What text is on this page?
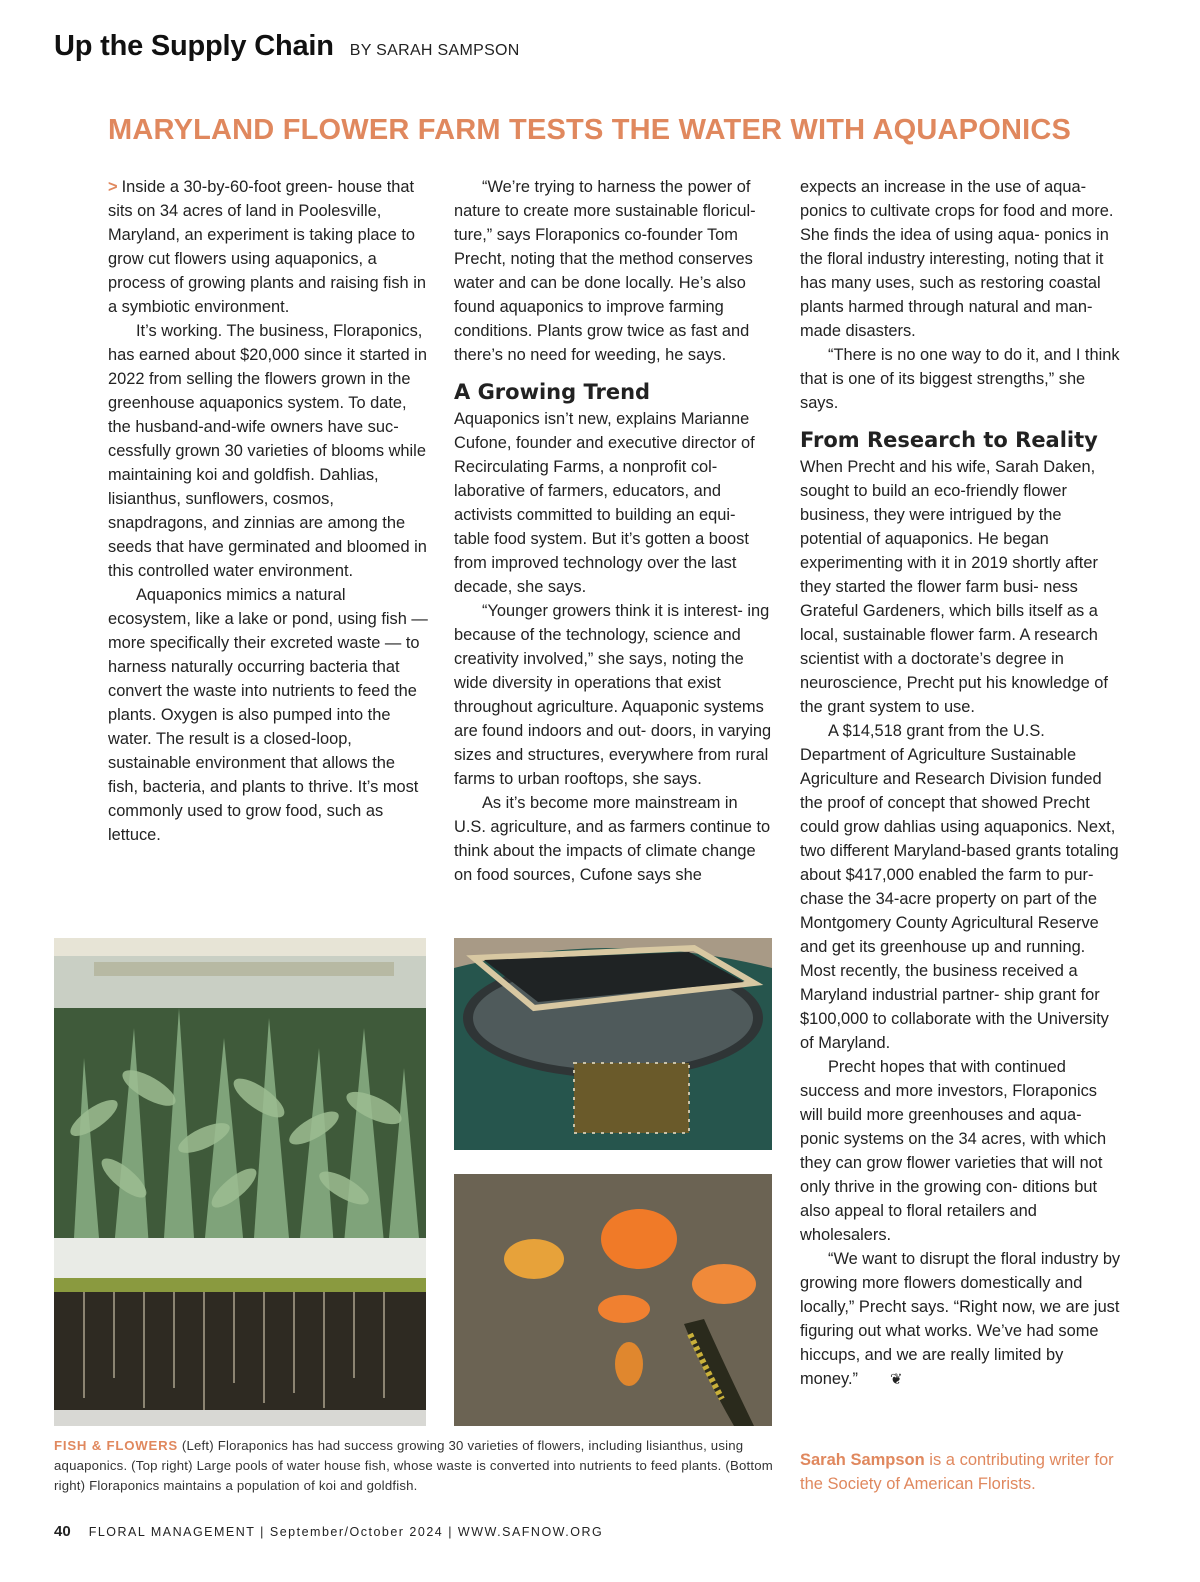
Up the Supply Chain BY SARAH SAMPSON
MARYLAND FLOWER FARM TESTS THE WATER WITH AQUAPONICS

> Inside a 30-by-60-foot green- house that sits on 34 acres of land in Poolesville, Maryland, an experiment is taking place to grow cut flowers using aquaponics, a process of growing plants and raising fish in a symbiotic environment.

It’s working. The business, Floraponics, has earned about $20,000 since it started in 2022 from selling the flowers grown in the greenhouse aquaponics system. To date, the husband-and-wife owners have suc- cessfully grown 30 varieties of blooms while maintaining koi and goldfish. Dahlias, lisianthus, sunflowers, cosmos, snapdragons, and zinnias are among the seeds that have germinated and bloomed in this controlled water environment.

Aquaponics mimics a natural ecosystem, like a lake or pond, using fish — more specifically their excreted waste — to harness naturally occurring bacteria that convert the waste into nutrients to feed the plants. Oxygen is also pumped into the water. The result is a closed-loop, sustainable environment that allows the fish, bacteria, and plants to thrive. It’s most commonly used to grow food, such as lettuce.

“We’re trying to harness the power of nature to create more sustainable floricul- ture,” says Floraponics co-founder Tom Precht, noting that the method conserves water and can be done locally. He’s also found aquaponics to improve farming conditions. Plants grow twice as fast and there’s no need for weeding, he says.

A Growing Trend

Aquaponics isn’t new, explains Marianne Cufone, founder and executive director of Recirculating Farms, a nonprofit col- laborative of farmers, educators, and activists committed to building an equi- table food system. But it’s gotten a boost from improved technology over the last decade, she says.

“Younger growers think it is interest- ing because of the technology, science and creativity involved,” she says, noting the wide diversity in operations that exist throughout agriculture. Aquaponic systems are found indoors and out- doors, in varying sizes and structures, everywhere from rural farms to urban rooftops, she says.

As it’s become more mainstream in U.S. agriculture, and as farmers continue to think about the impacts of climate change on food sources, Cufone says she

expects an increase in the use of aqua- ponics to cultivate crops for food and more. She finds the idea of using aqua- ponics in the floral industry interesting, noting that it has many uses, such as restoring coastal plants harmed through natural and man-made disasters.

“There is no one way to do it, and I think that is one of its biggest strengths,” she says.

From Research to Reality

When Precht and his wife, Sarah Daken, sought to build an eco-friendly flower business, they were intrigued by the potential of aquaponics. He began experimenting with it in 2019 shortly after they started the flower farm busi- ness Grateful Gardeners, which bills itself as a local, sustainable flower farm. A research scientist with a doctorate’s degree in neuroscience, Precht put his knowledge of the grant system to use.

A $14,518 grant from the U.S. Department of Agriculture Sustainable Agriculture and Research Division funded the proof of concept that showed Precht could grow dahlias using aquaponics. Next, two different Maryland-based grants totaling about $417,000 enabled the farm to pur- chase the 34-acre property on part of the Montgomery County Agricultural Reserve and get its greenhouse up and running. Most recently, the business received a Maryland industrial partner- ship grant for $100,000 to collaborate with the University of Maryland.

Precht hopes that with continued success and more investors, Floraponics will build more greenhouses and aqua- ponic systems on the 34 acres, with which they can grow flower varieties that will not only thrive in the growing con- ditions but also appeal to floral retailers and wholesalers.

“We want to disrupt the floral industry by growing more flowers domestically and locally,” Precht says. “Right now, we are just figuring out what works. We’ve had some hiccups, and we are really limited by money.” ❦

FISH & FLOWERS (Left) Floraponics has had success growing 30 varieties of flowers, including lisianthus, using aquaponics. (Top right) Large pools of water house fish, whose waste is converted into nutrients to feed plants. (Bottom right) Floraponics maintains a population of koi and goldfish.
Sarah Sampson is a contributing writer for the Society of American Florists.
40 FLORAL MANAGEMENT | September/October 2024 | WWW.SAFNOW.ORG
